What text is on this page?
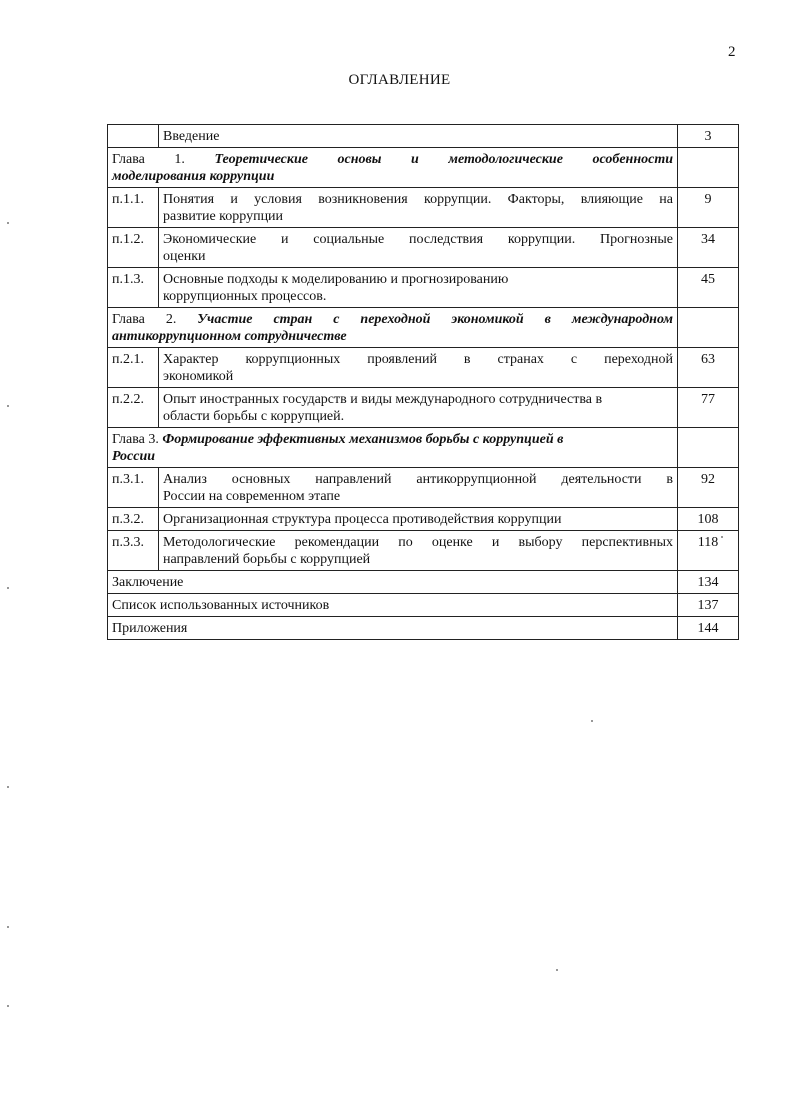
2
ОГЛАВЛЕНИЕ
	Введение	3

Глава 1. Теоретические основы и методологические особенности
моделирования коррупции		
п.1.1.	Понятия и условия возникновения коррупции. Факторы, влияющие на
развитие коррупции	9
п.1.2.	Экономические и социальные последствия коррупции. Прогнозные
оценки	34
п.1.3.	Основные подходы к моделированию и прогнозированию
коррупционных процессов.	45

Глава 2. Участие стран с переходной экономикой в международном
антикоррупционном сотрудничестве		
п.2.1.	Характер коррупционных проявлений в странах с переходной
экономикой	63
п.2.2.	Опыт иностранных государств и виды международного сотрудничества в
области борьбы с коррупцией.	77

Глава 3. Формирование эффективных механизмов борьбы с коррупцией в
России		
п.3.1.	Анализ основных направлений антикоррупционной деятельности в
России на современном этапе	92
п.3.2.	Организационная структура процесса противодействия коррупции	108
п.3.3.	Методологические рекомендации по оценке и выбору перспективных
направлений борьбы с коррупцией	118
Заключение		134
Список использованных источников		137
Приложения		144
